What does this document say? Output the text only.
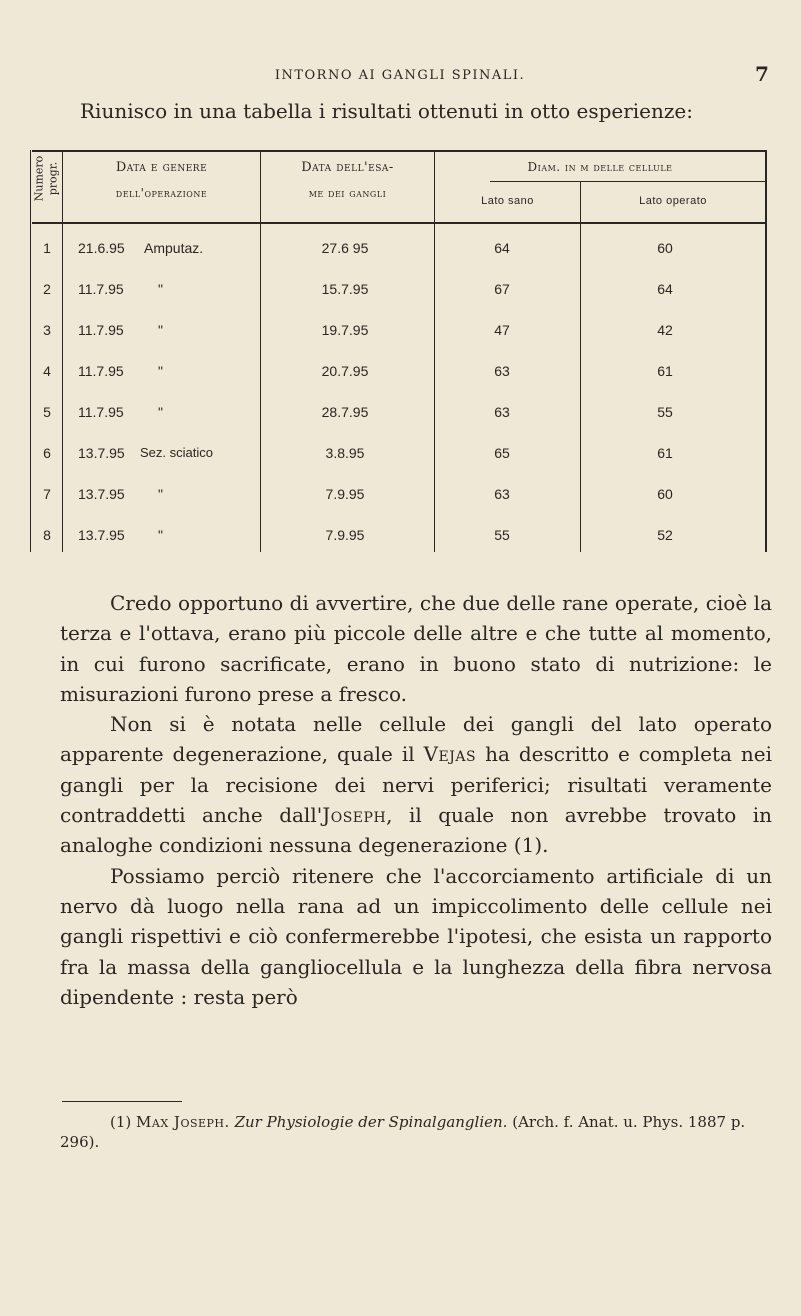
INTORNO AI GANGLI SPINALI.	7
Riunisco in una tabella i risultati ottenuti in otto esperienze:
Numero progr.	Data e genere
dell'operazione
Data dell'esa-
me dei gangli
Diam. in μ delle cellule
Lato sano	Lato operato
1	21.6.95 Amputaz.	27.6 95	64	60
2	11.7.95 "	15.7.95	67	64
3	11.7.95 "	19.7.95	47	42
4	11.7.95 "	20.7.95	63	61
5	11.7.95 "	28.7.95	63	55
6	13.7.95 Sez. sciatico	3.8.95	65	61
7	13.7.95 "	7.9.95	63	60
8	13.7.95 "	7.9.95	55	52

Credo opportuno di avvertire, che due delle rane operate, cioè la terza e l'ottava, erano più piccole delle altre e che tutte al momento, in cui furono sacrificate, erano in buono stato di nutrizione: le misurazioni furono prese a fresco.

Non si è notata nelle cellule dei gangli del lato operato apparente degenerazione, quale il Vejas ha descritto e completa nei gangli per la recisione dei nervi periferici; risultati veramente contraddetti anche dall'Joseph, il quale non avrebbe trovato in analoghe condizioni nessuna degenerazione (1).

Possiamo perciò ritenere che l'accorciamento artificiale di un nervo dà luogo nella rana ad un impiccolimento delle cellule nei gangli rispettivi e ciò confermerebbe l'ipotesi, che esista un rapporto fra la massa della gangliocellula e la lunghezza della fibra nervosa dipendente : resta però

(1) Max Joseph. Zur Physiologie der Spinalganglien. (Arch. f. Anat. u. Phys. 1887 p. 296).
